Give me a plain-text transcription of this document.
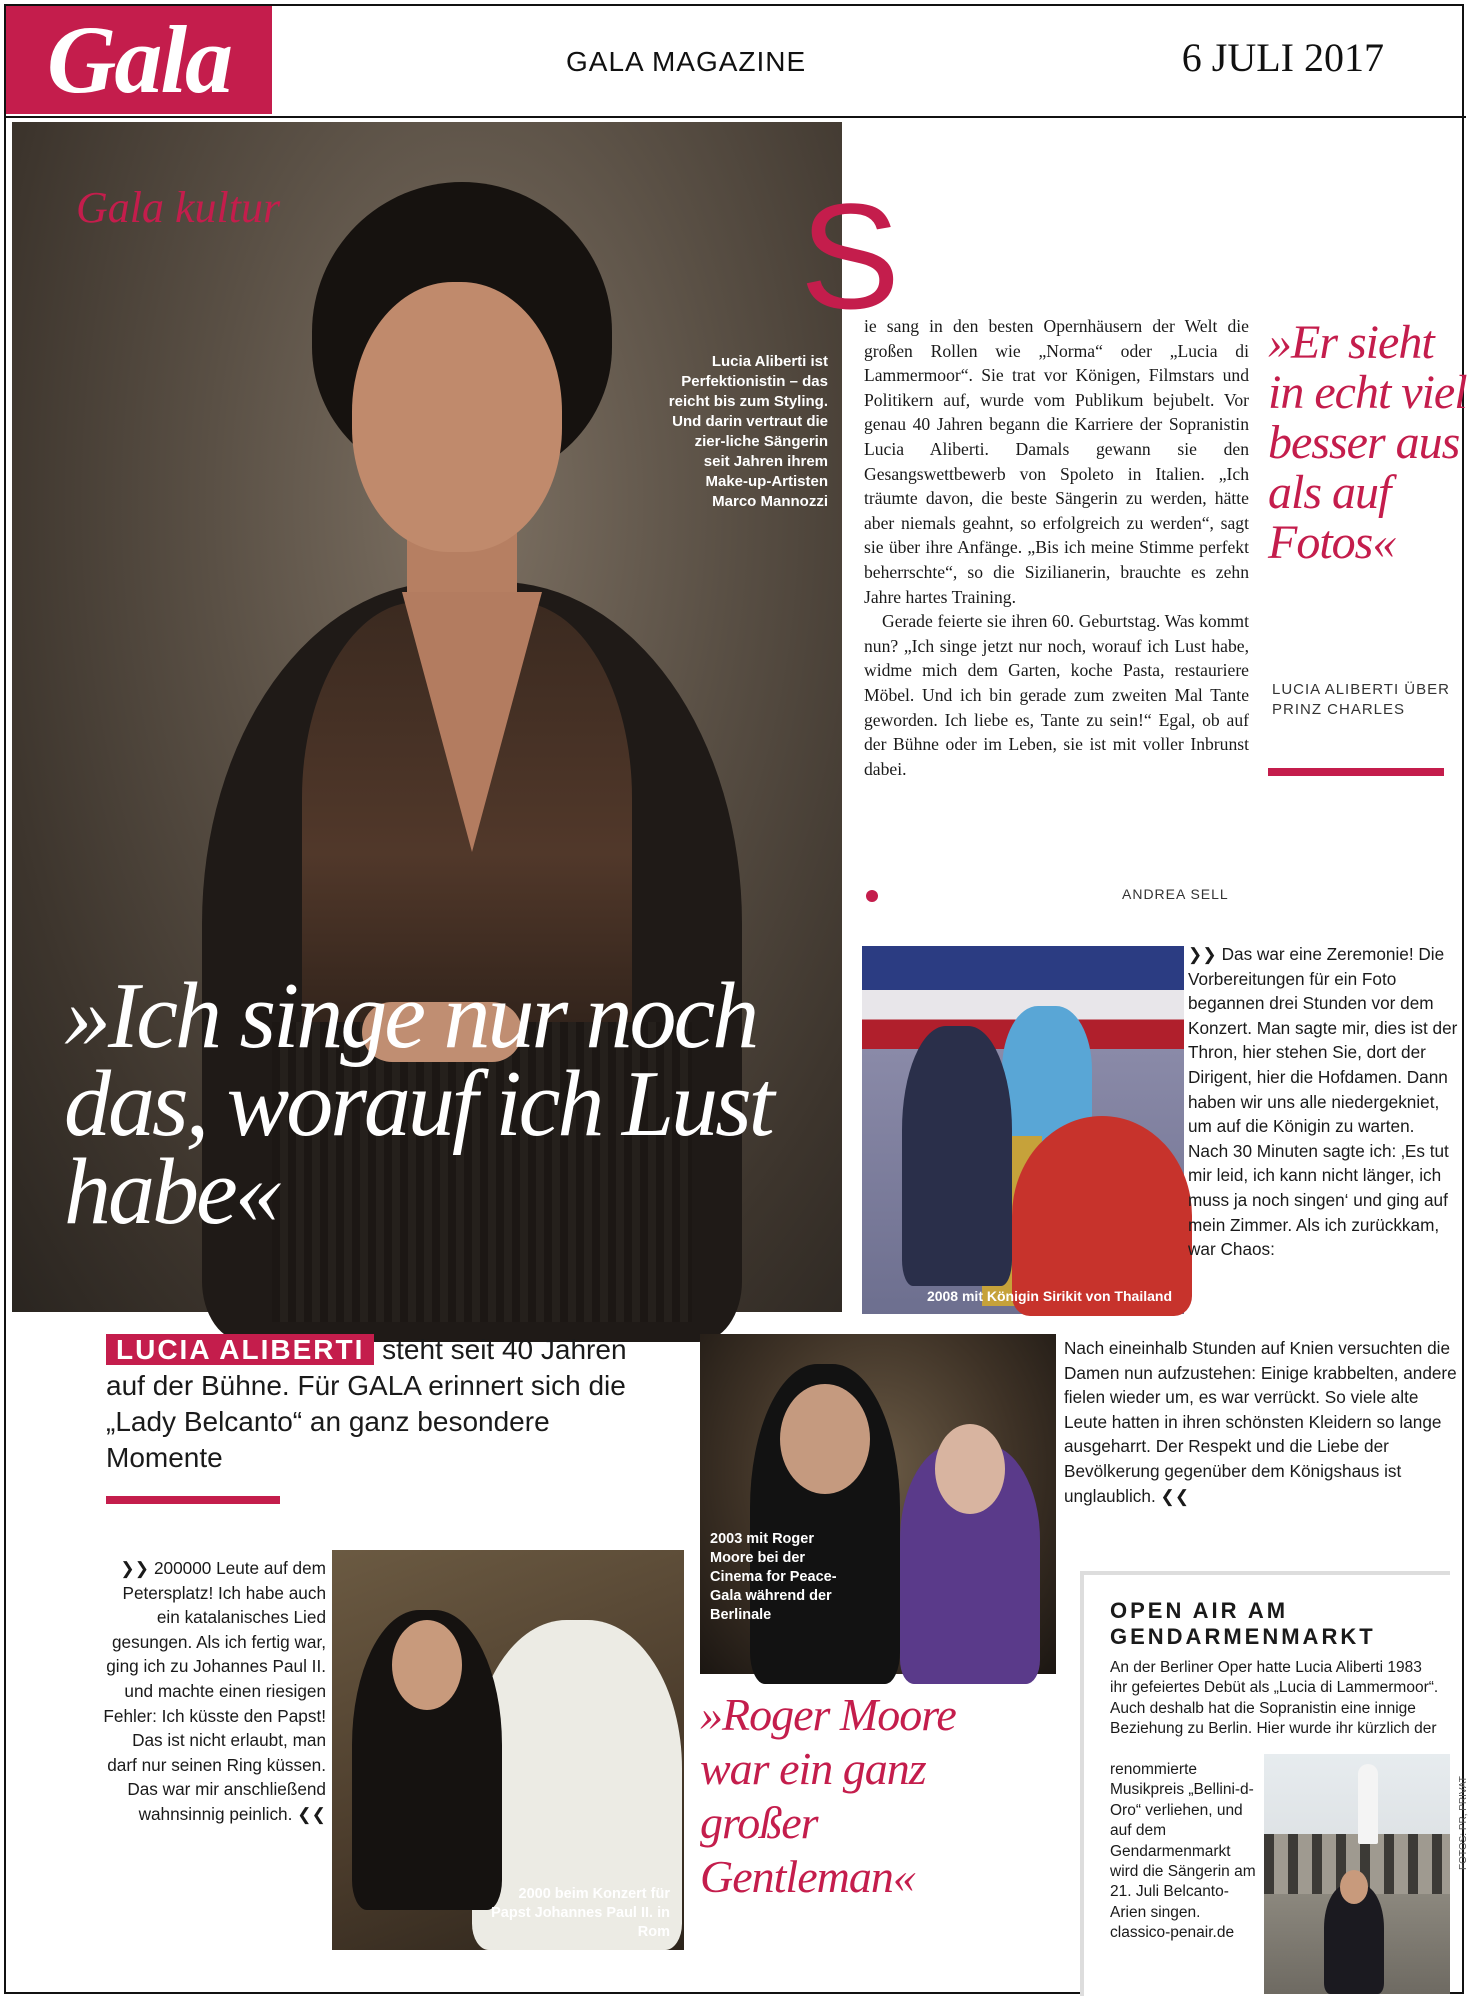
Gala	GALA MAGAZINE	6 JULI 2017
Gala kultur
Lucia Aliberti ist Perfektionistin – das reicht bis zum Styling. Und darin vertraut die zier-liche Sängerin seit Jahren ihrem Make-up-Artisten Marco Mannozzi
»Ich singe nur noch das, worauf ich Lust habe«
S

ie sang in den besten Opernhäusern der Welt die großen Rollen wie „Norma“ oder „Lucia di Lammermoor“. Sie trat vor Königen, Filmstars und Politikern auf, wurde vom Publikum bejubelt. Vor genau 40 Jahren begann die Karriere der Sopranistin Lucia Aliberti. Damals gewann sie den Gesangswettbewerb von Spoleto in Italien. „Ich träumte davon, die beste Sängerin zu werden, hätte aber niemals geahnt, so erfolgreich zu werden“, sagt sie über ihre Anfänge. „Bis ich meine Stimme perfekt beherrschte“, so die Sizilianerin, brauchte es zehn Jahre hartes Training.

Gerade feierte sie ihren 60. Geburtstag. Was kommt nun? „Ich singe jetzt nur noch, worauf ich Lust habe, widme mich dem Garten, koche Pasta, restauriere Möbel. Und ich bin gerade zum zweiten Mal Tante geworden. Ich liebe es, Tante zu sein!“ Egal, ob auf der Bühne oder im Leben, sie ist mit voller Inbrunst dabei.

ANDREA SELL
»Er sieht in echt viel besser aus als auf Fotos«
LUCIA ALIBERTI ÜBER PRINZ CHARLES
2008 mit Königin Sirikit von Thailand
❯❯ Das war eine Zeremonie! Die Vorbereitungen für ein Foto begannen drei Stunden vor dem Konzert. Man sagte mir, dies ist der Thron, hier stehen Sie, dort der Dirigent, hier die Hofdamen. Dann haben wir uns alle niedergekniet, um auf die Königin zu warten. Nach 30 Minuten sagte ich: ‚Es tut mir leid, ich kann nicht länger, ich muss ja noch singen‘ und ging auf mein Zimmer. Als ich zurückkam, war Chaos:
Nach eineinhalb Stunden auf Knien versuchten die Damen nun aufzustehen: Einige krabbelten, andere fielen wieder um, es war verrückt. So viele alte Leute hatten in ihren schönsten Kleidern so lange ausgeharrt. Der Respekt und die Liebe der Bevölkerung gegenüber dem Königshaus ist unglaublich. ❮❮
LUCIA ALIBERTI steht seit 40 Jahren auf der Bühne. Für GALA erinnert sich die „Lady Belcanto“ an ganz besondere Momente
2003 mit Roger Moore bei der Cinema for Peace-Gala während der Berlinale
»Roger Moore war ein ganz großer Gentleman«
❯❯ 200000 Leute auf dem Petersplatz! Ich habe auch ein katalanisches Lied gesungen. Als ich fertig war, ging ich zu Johannes Paul II. und machte einen riesigen Fehler: Ich küsste den Papst! Das ist nicht erlaubt, man darf nur seinen Ring küssen. Das war mir anschließend wahnsinnig peinlich. ❮❮
2000 beim Konzert für Papst Johannes Paul II. in Rom
OPEN AIR AM GENDARMENMARKT
An der Berliner Oper hatte Lucia Aliberti 1983 ihr gefeiertes Debüt als „Lucia di Lammermoor“. Auch deshalb hat die Sopranistin eine innige Beziehung zu Berlin. Hier wurde ihr kürzlich der
renommierte Musikpreis „Bellini-d-Oro“ verliehen, und auf dem Gendarmenmarkt wird die Sängerin am 21. Juli Belcanto-Arien singen. classico-penair.de
FOTOS: PR, PRIVAT
